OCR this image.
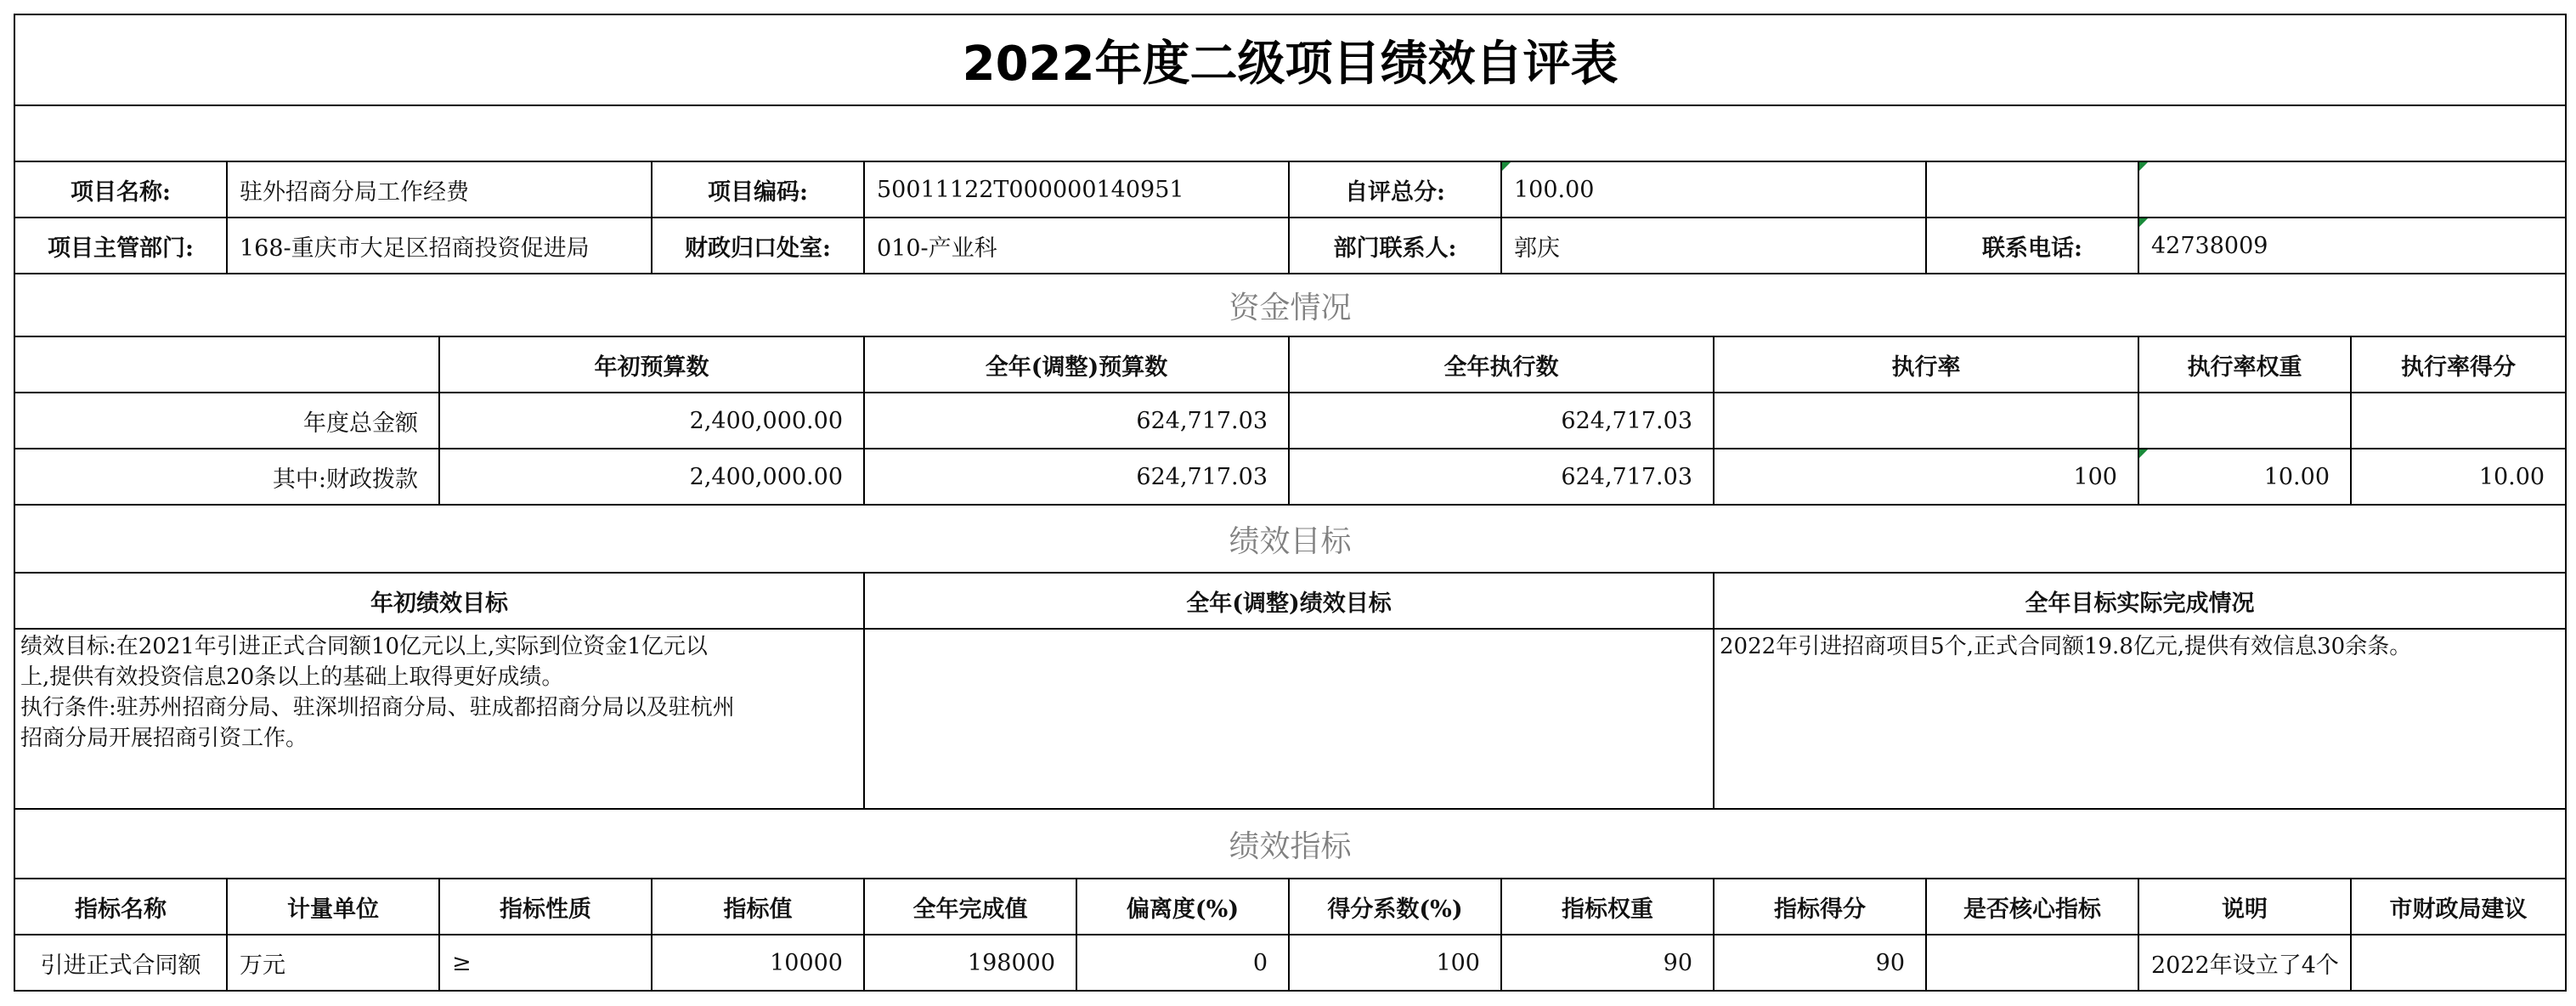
2022年度二级项目绩效自评表											

项目名称:	驻外招商分局工作经费		项目编码:	50011122T000000140951		自评总分:	100.00				
项目主管部门:	168-重庆市大足区招商投资促进局		财政归口处室:	010-产业科		部门联系人:	郭庆		联系电话:	42738009	
资金情况											
		年初预算数		全年(调整)预算数		全年执行数		执行率		执行率权重	执行率得分
年度总金额		2,400,000.00		624,717.03		624,717.03					
其中:财政拨款		2,400,000.00		624,717.03		624,717.03		100		10.00	10.00
绩效目标											
年初绩效目标				全年(调整)绩效目标				全年目标实际完成情况			
绩效目标:在2021年引进正式合同额10亿元以上,实际到位资金1亿元以
上,提供有效投资信息20条以上的基础上取得更好成绩。
执行条件:驻苏州招商分局、驻深圳招商分局、驻成都招商分局以及驻杭州
招商分局开展招商引资工作。								2022年引进招商项目5个,正式合同额19.8亿元,提供有效信息30余条。			
绩效指标											
指标名称	计量单位	指标性质	指标值	全年完成值	偏离度(%)	得分系数(%)	指标权重	指标得分	是否核心指标	说明	市财政局建议
引进正式合同额	万元	≥	10000	198000	0	100	90	90		2022年设立了4个	
